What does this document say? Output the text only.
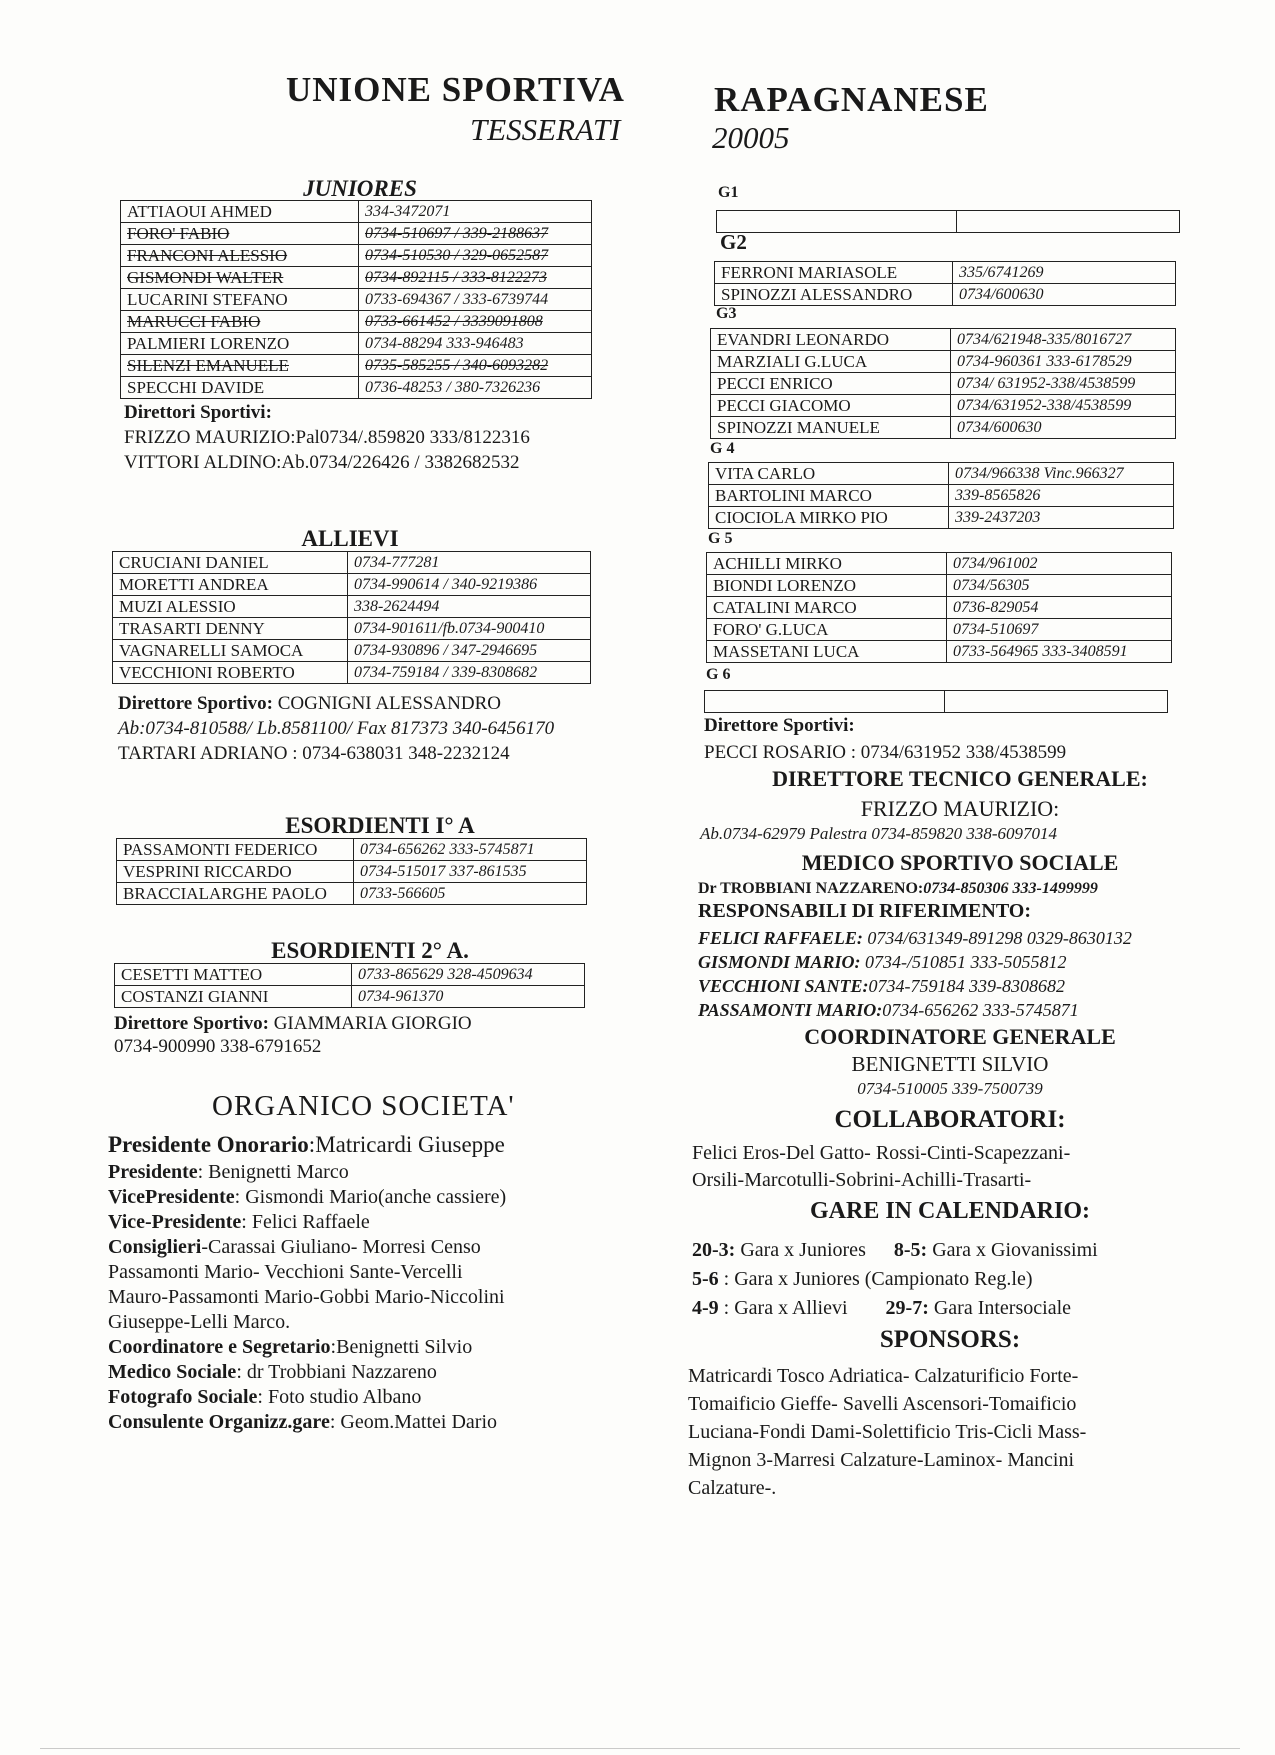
UNIONE SPORTIVA	RAPAGNANESE
TESSERATI	20005
JUNIORES
ATTIAOUI AHMED	334-3472071
FORO' FABIO	0734-510697 / 339-2188637
FRANCONI ALESSIO	0734-510530 / 329-0652587
GISMONDI WALTER	0734-892115 / 333-8122273
LUCARINI STEFANO	0733-694367 / 333-6739744
MARUCCI FABIO	0733-661452 / 3339091808
PALMIERI LORENZO	0734-88294 333-946483
SILENZI EMANUELE	0735-585255 / 340-6093282
SPECCHI DAVIDE	0736-48253 / 380-7326236
Direttori Sportivi:
FRIZZO MAURIZIO:Pal0734/.859820 333/8122316
VITTORI ALDINO:Ab.0734/226426 / 3382682532
ALLIEVI
CRUCIANI DANIEL	0734-777281
MORETTI ANDREA	0734-990614 / 340-9219386
MUZI ALESSIO	338-2624494
TRASARTI DENNY	0734-901611/fb.0734-900410
VAGNARELLI SAMOCA	0734-930896 / 347-2946695
VECCHIONI ROBERTO	0734-759184 / 339-8308682
Direttore Sportivo: COGNIGNI ALESSANDRO
Ab:0734-810588/ Lb.8581100/ Fax 817373 340-6456170
TARTARI ADRIANO : 0734-638031 348-2232124
ESORDIENTI I° A
PASSAMONTI FEDERICO	0734-656262 333-5745871
VESPRINI RICCARDO	0734-515017 337-861535
BRACCIALARGHE PAOLO	0733-566605
ESORDIENTI 2° A.
CESETTI MATTEO	0733-865629 328-4509634
COSTANZI GIANNI	0734-961370
Direttore Sportivo: GIAMMARIA GIORGIO
0734-900990 338-6791652
ORGANICO SOCIETA'
Presidente Onorario:Matricardi Giuseppe
Presidente: Benignetti Marco
VicePresidente: Gismondi Mario(anche cassiere)
Vice-Presidente: Felici Raffaele
Consiglieri-Carassai Giuliano- Morresi Censo
Passamonti Mario- Vecchioni Sante-Vercelli
Mauro-Passamonti Mario-Gobbi Mario-Niccolini
Giuseppe-Lelli Marco.
Coordinatore e Segretario:Benignetti Silvio
Medico Sociale: dr Trobbiani Nazzareno
Fotografo Sociale: Foto studio Albano
Consulente Organizz.gare: Geom.Mattei Dario
G1

G2
FERRONI MARIASOLE	335/6741269
SPINOZZI ALESSANDRO	0734/600630
G3
EVANDRI LEONARDO	0734/621948-335/8016727
MARZIALI G.LUCA	0734-960361 333-6178529
PECCI ENRICO	0734/ 631952-338/4538599
PECCI GIACOMO	0734/631952-338/4538599
SPINOZZI MANUELE	0734/600630
G 4
VITA CARLO	0734/966338 Vinc.966327
BARTOLINI MARCO	339-8565826
CIOCIOLA MIRKO PIO	339-2437203
G 5
ACHILLI MIRKO	0734/961002
BIONDI LORENZO	0734/56305
CATALINI MARCO	0736-829054
FORO' G.LUCA	0734-510697
MASSETANI LUCA	0733-564965 333-3408591
G 6

Direttore Sportivi:
PECCI ROSARIO : 0734/631952 338/4538599
DIRETTORE TECNICO GENERALE:
FRIZZO MAURIZIO:
Ab.0734-62979 Palestra 0734-859820 338-6097014
MEDICO SPORTIVO SOCIALE
Dr TROBBIANI NAZZARENO:0734-850306 333-1499999
RESPONSABILI DI RIFERIMENTO:
FELICI RAFFAELE: 0734/631349-891298 0329-8630132
GISMONDI MARIO: 0734-/510851 333-5055812
VECCHIONI SANTE:0734-759184 339-8308682
PASSAMONTI MARIO:0734-656262 333-5745871
COORDINATORE GENERALE
BENIGNETTI SILVIO
0734-510005 339-7500739
COLLABORATORI:
Felici Eros-Del Gatto- Rossi-Cinti-Scapezzani-
Orsili-Marcotulli-Sobrini-Achilli-Trasarti-
GARE IN CALENDARIO:
20-3: Gara x Juniores 8-5: Gara x Giovanissimi
5-6 : Gara x Juniores (Campionato Reg.le)
4-9 : Gara x Allievi 29-7: Gara Intersociale
SPONSORS:
Matricardi Tosco Adriatica- Calzaturificio Forte-
Tomaificio Gieffe- Savelli Ascensori-Tomaificio
Luciana-Fondi Dami-Solettificio Tris-Cicli Mass-
Mignon 3-Marresi Calzature-Laminox- Mancini
Calzature-.
